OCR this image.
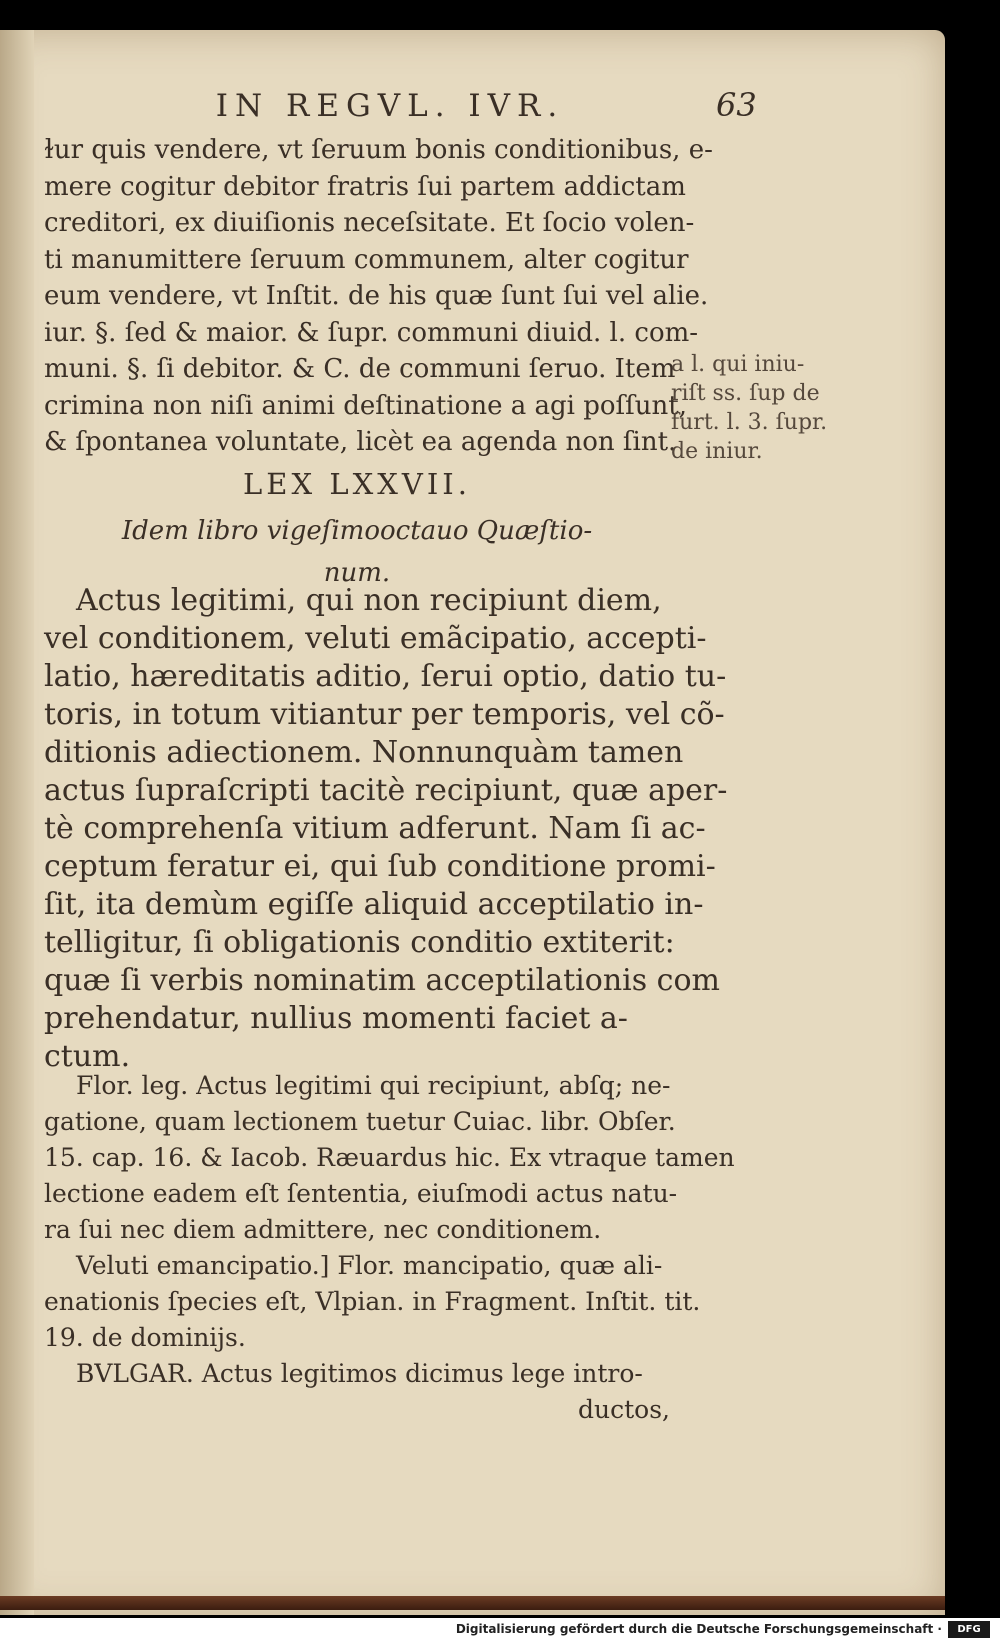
IN REGVL. IVR.	63
ɫur quis vendere, vt ſeruum bonis conditionibus, e-
mere cogitur debitor fratris ſui partem addictam
creditori, ex diuiſionis neceſsitate. Et ſocio volen-
ti manumittere ſeruum communem, alter cogitur
eum vendere, vt Inſtit. de his quæ ſunt ſui vel alie.
iur. §. ſed & maior. & ſupr. communi diuid. l. com-
muni. §. ſi debitor. & C. de communi ſeruo. Item
crimina non niſi animi deſtinatione a agi poſſunt,
& ſpontanea voluntate, licèt ea agenda non ſint.
a l. qui iniu-
riſt ss. ſup de
furt. l. 3. ſupr.
de iniur.
LEX LXXVII.
Idem libro vigeſimooctauo Quæſtio-
num.
Actus legitimi, qui non recipiunt diem,
vel conditionem, veluti emãcipatio, accepti-
latio, hæreditatis aditio, ſerui optio, datio tu-
toris, in totum vitiantur per temporis, vel cõ-
ditionis adiectionem. Nonnunquàm tamen
actus ſupraſcripti tacitè recipiunt, quæ aper-
tè comprehenſa vitium adferunt. Nam ſi ac-
ceptum feratur ei, qui ſub conditione promi-
ſit, ita demùm egiſſe aliquid acceptilatio in-
telligitur, ſi obligationis conditio extiterit:
quæ ſi verbis nominatim acceptilationis com
prehendatur, nullius momenti faciet a-
ctum.
Flor. leg. Actus legitimi qui recipiunt, abſq; ne-
gatione, quam lectionem tuetur Cuiac. libr. Obſer.
15. cap. 16. & Iacob. Ræuardus hic. Ex vtraque tamen
lectione eadem eſt ſententia, eiuſmodi actus natu-
ra ſui nec diem admittere, nec conditionem.
Veluti emancipatio.] Flor. mancipatio, quæ ali-
enationis ſpecies eſt, Vlpian. in Fragment. Inſtit. tit.
19. de dominijs.
BVLGAR. Actus legitimos dicimus lege intro-
ductos,
Digitalisierung gefördert durch die Deutsche Forschungsgemeinschaft ·	DFG
